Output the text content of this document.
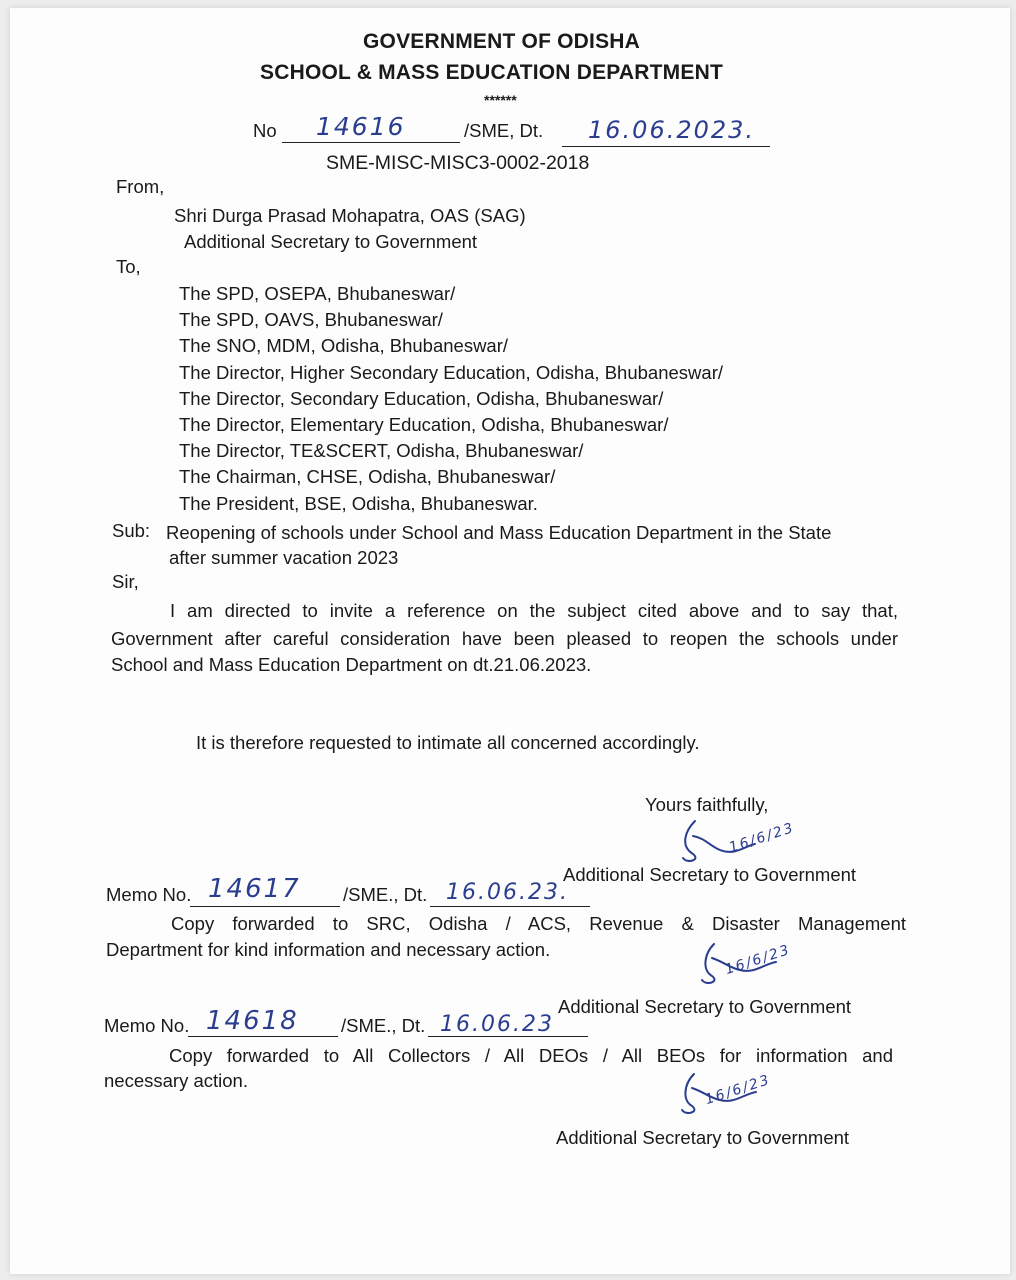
GOVERNMENT OF ODISHA
SCHOOL & MASS EDUCATION DEPARTMENT
******
No 14616	/SME, Dt. 16.06.2023.
SME-MISC-MISC3-0002-2018
From,
Shri Durga Prasad Mohapatra, OAS (SAG)
Additional Secretary to Government
To,
The SPD, OSEPA, Bhubaneswar/
The SPD, OAVS, Bhubaneswar/
The SNO, MDM, Odisha, Bhubaneswar/
The Director, Higher Secondary Education, Odisha, Bhubaneswar/
The Director, Secondary Education, Odisha, Bhubaneswar/
The Director, Elementary Education, Odisha, Bhubaneswar/
The Director, TE&SCERT, Odisha, Bhubaneswar/
The Chairman, CHSE, Odisha, Bhubaneswar/
The President, BSE, Odisha, Bhubaneswar.
Sub: Reopening of schools under School and Mass Education Department in the State
after summer vacation 2023
Sir,
I am directed to invite a reference on the subject cited above and to say that,
Government after careful consideration have been pleased to reopen the schools under
School and Mass Education Department on dt.21.06.2023.
It is therefore requested to intimate all concerned accordingly.
Yours faithfully,
16/6/23
Additional Secretary to Government
Memo No. 14617 /SME., Dt. 16.06.23.
Copy forwarded to SRC, Odisha / ACS, Revenue & Disaster Management
Department for kind information and necessary action.	16/6/23
Additional Secretary to Government
Memo No. 14618 /SME., Dt. 16.06.23
Copy forwarded to All Collectors / All DEOs / All BEOs for information and
necessary action.	16/6/23
Additional Secretary to Government
